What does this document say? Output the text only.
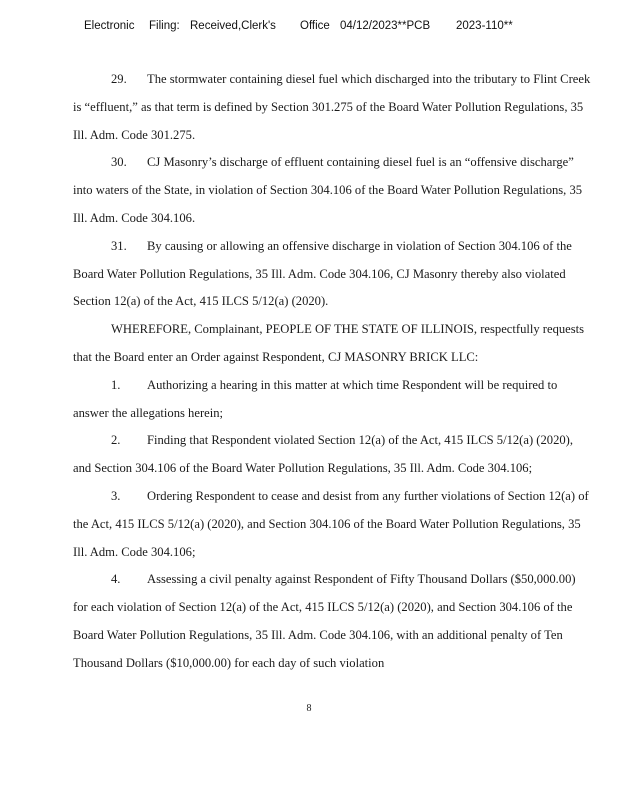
Electronic Filing: Received,Clerk's Office 04/12/2023**PCB 2023-110**

29. The stormwater containing diesel fuel which discharged into the tributary to Flint Creek is “effluent,” as that term is defined by Section 301.275 of the Board Water Pollution Regulations, 35 Ill. Adm. Code 301.275.

30. CJ Masonry’s discharge of effluent containing diesel fuel is an “offensive discharge” into waters of the State, in violation of Section 304.106 of the Board Water Pollution Regulations, 35 Ill. Adm. Code 304.106.

31. By causing or allowing an offensive discharge in violation of Section 304.106 of the Board Water Pollution Regulations, 35 Ill. Adm. Code 304.106, CJ Masonry thereby also violated Section 12(a) of the Act, 415 ILCS 5/12(a) (2020).

WHEREFORE, Complainant, PEOPLE OF THE STATE OF ILLINOIS, respectfully requests that the Board enter an Order against Respondent, CJ MASONRY BRICK LLC:

1. Authorizing a hearing in this matter at which time Respondent will be required to answer the allegations herein;

2. Finding that Respondent violated Section 12(a) of the Act, 415 ILCS 5/12(a) (2020), and Section 304.106 of the Board Water Pollution Regulations, 35 Ill. Adm. Code 304.106;

3. Ordering Respondent to cease and desist from any further violations of Section 12(a) of the Act, 415 ILCS 5/12(a) (2020), and Section 304.106 of the Board Water Pollution Regulations, 35 Ill. Adm. Code 304.106;

4. Assessing a civil penalty against Respondent of Fifty Thousand Dollars ($50,000.00) for each violation of Section 12(a) of the Act, 415 ILCS 5/12(a) (2020), and Section 304.106 of the Board Water Pollution Regulations, 35 Ill. Adm. Code 304.106, with an additional penalty of Ten Thousand Dollars ($10,000.00) for each day of such violation

8
